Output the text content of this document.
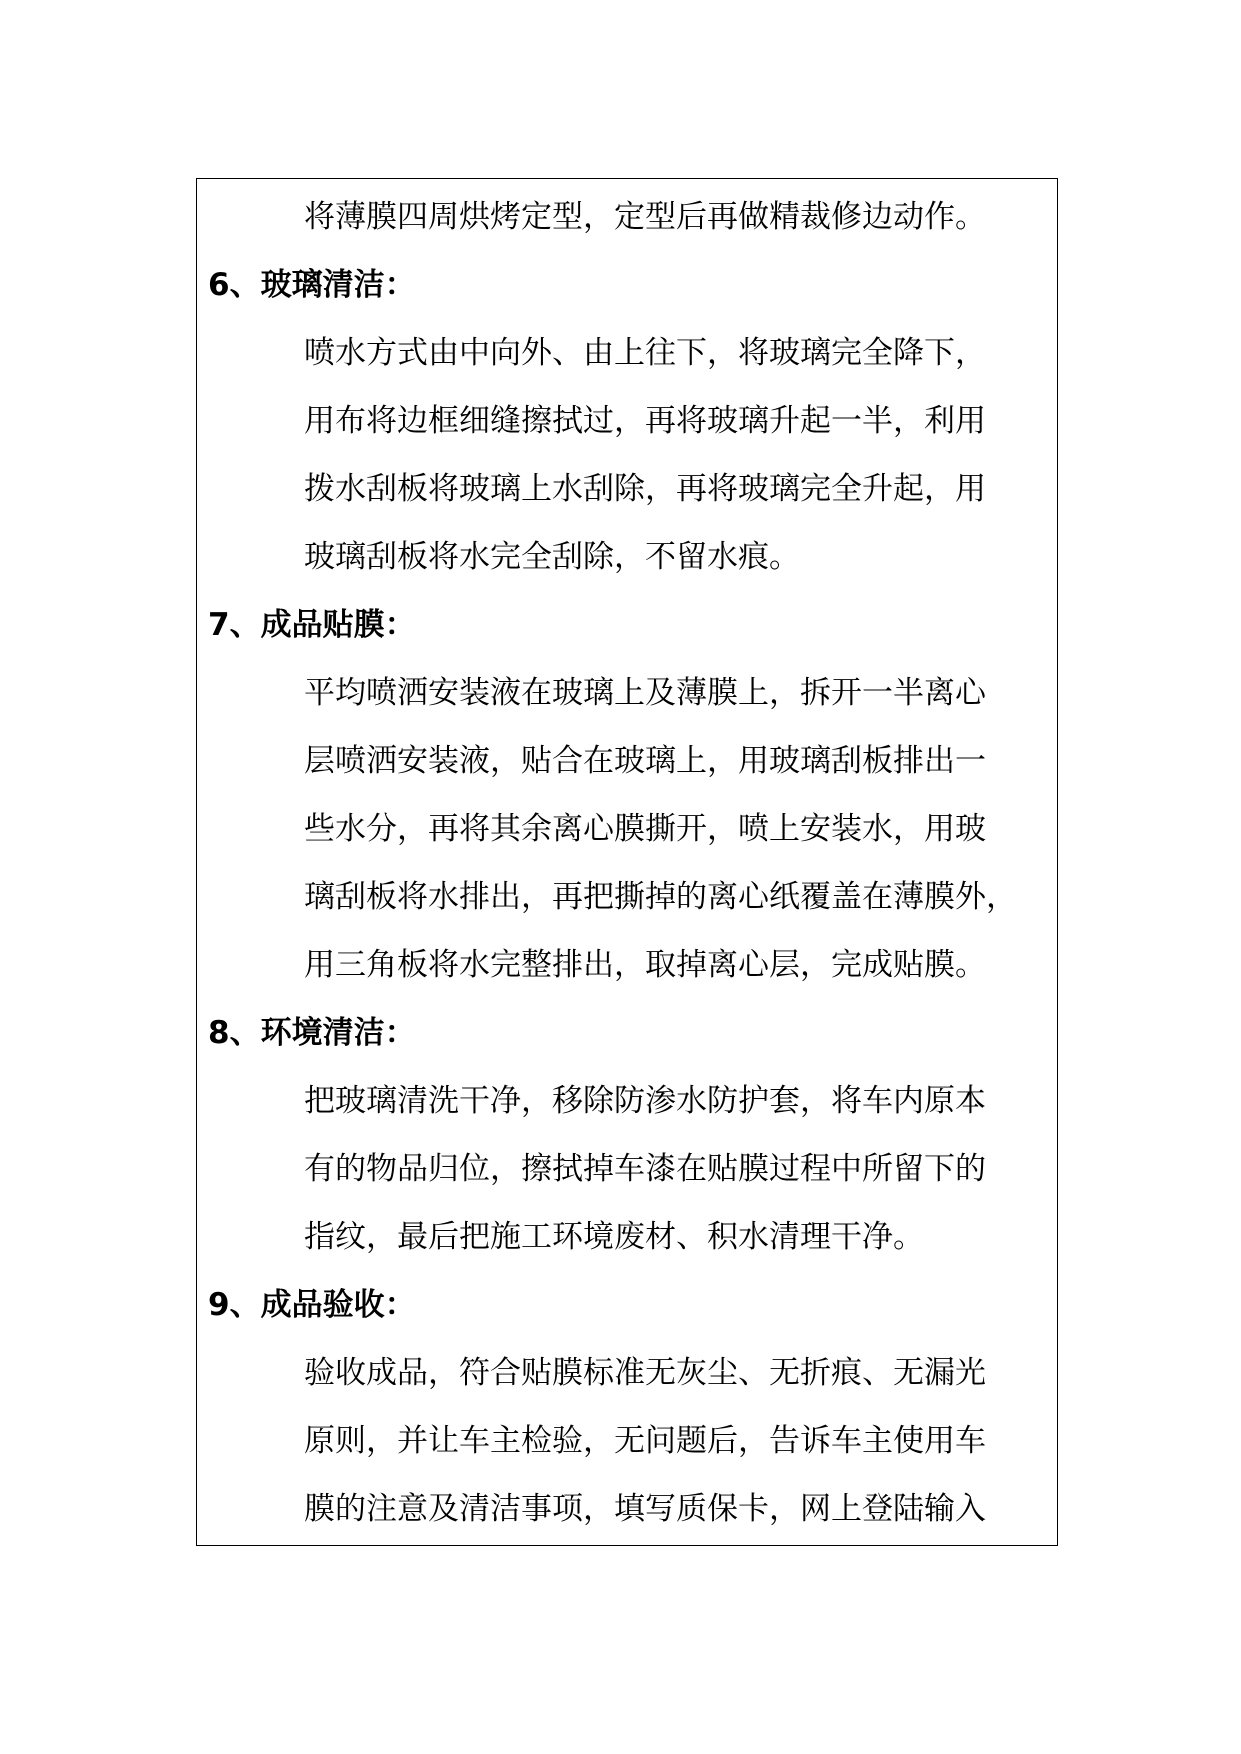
将薄膜四周烘烤定型，定型后再做精裁修边动作。

6、玻璃清洁：

喷水方式由中向外、由上往下，将玻璃完全降下，

用布将边框细缝擦拭过，再将玻璃升起一半，利用

拨水刮板将玻璃上水刮除，再将玻璃完全升起，用

玻璃刮板将水完全刮除，不留水痕。

7、成品贴膜：

平均喷洒安装液在玻璃上及薄膜上，拆开一半离心

层喷洒安装液，贴合在玻璃上，用玻璃刮板排出一

些水分，再将其余离心膜撕开，喷上安装水，用玻

璃刮板将水排出，再把撕掉的离心纸覆盖在薄膜外，

用三角板将水完整排出，取掉离心层，完成贴膜。

8、环境清洁：

把玻璃清洗干净，移除防渗水防护套，将车内原本

有的物品归位，擦拭掉车漆在贴膜过程中所留下的

指纹，最后把施工环境废材、积水清理干净。

9、成品验收：

验收成品，符合贴膜标准无灰尘、无折痕、无漏光

原则，并让车主检验，无问题后，告诉车主使用车

膜的注意及清洁事项，填写质保卡，网上登陆输入
